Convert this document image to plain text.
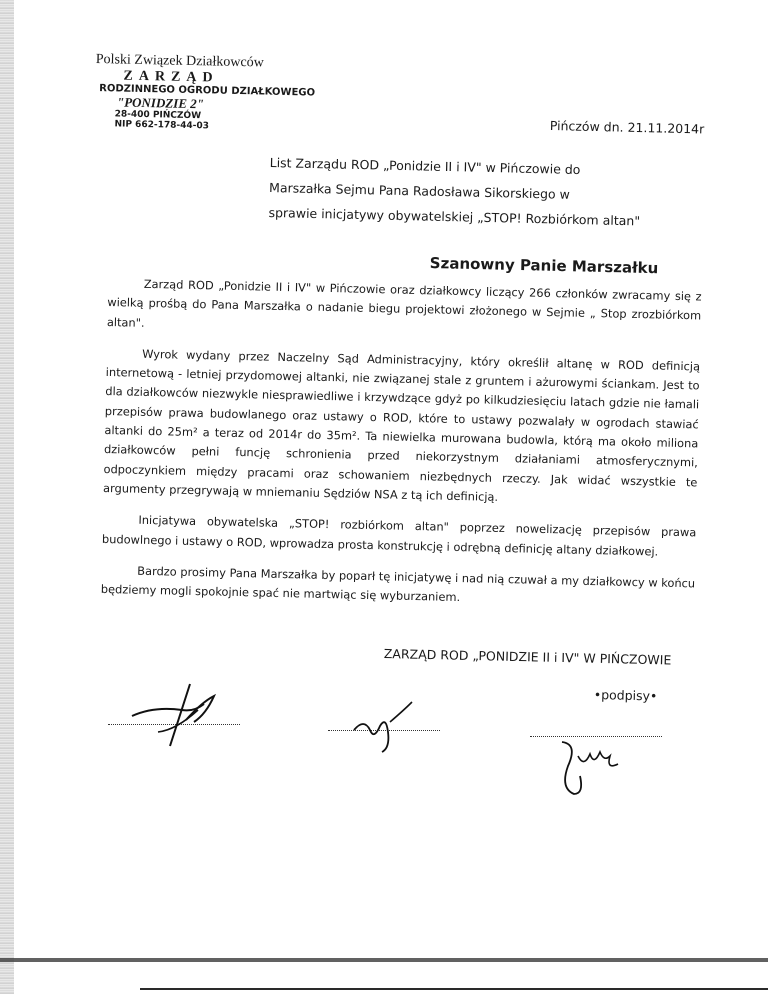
Polski Związek Działkowców
ZARZĄD
RODZINNEGO OGRODU DZIAŁKOWEGO
"PONIDZIE 2"
28-400 PIŃCZÓW
NIP 662-178-44-03	Pińczów dn. 21.11.2014r
List Zarządu ROD „Ponidzie II i IV" w Pińczowie do
Marszałka Sejmu Pana Radosława Sikorskiego w
sprawie inicjatywy obywatelskiej „STOP! Rozbiórkom altan"
Szanowny Panie Marszałku

Zarząd ROD „Ponidzie II i IV" w Pińczowie oraz działkowcy liczący 266 członków zwracamy się z wielką prośbą do Pana Marszałka o nadanie biegu projektowi złożonego w Sejmie „ Stop zrozbiórkom altan".

Wyrok wydany przez Naczelny Sąd Administracyjny, który określił altanę w ROD definicją internetową - letniej przydomowej altanki, nie związanej stale z gruntem i ażurowymi ściankam. Jest to dla działkowców niezwykle niesprawiedliwe i krzywdzące gdyż po kilkudziesięciu latach gdzie nie łamali przepisów prawa budowlanego oraz ustawy o ROD, które to ustawy pozwalały w ogrodach stawiać altanki do 25m² a teraz od 2014r do 35m². Ta niewielka murowana budowla, którą ma około miliona działkowców pełni funcję schronienia przed niekorzystnym działaniami atmosferycznymi, odpoczynkiem między pracami oraz schowaniem niezbędnych rzeczy. Jak widać wszystkie te argumenty przegrywają w mniemaniu Sędziów NSA z tą ich definicją.

Inicjatywa obywatelska „STOP! rozbiórkom altan" poprzez nowelizację przepisów prawa budowlnego i ustawy o ROD, wprowadza prosta konstrukcję i odrębną definicję altany działkowej.

Bardzo prosimy Pana Marszałka by poparł tę inicjatywę i nad nią czuwał a my działkowcy w końcu będziemy mogli spokojnie spać nie martwiąc się wyburzaniem.

ZARZĄD ROD „PONIDZIE II i IV" W PIŃCZOWIE
•podpisy•
